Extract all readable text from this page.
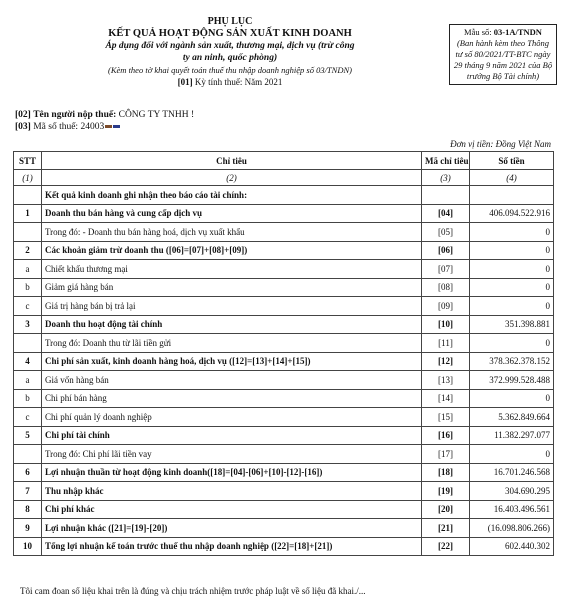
PHỤ LỤC
KẾT QUẢ HOẠT ĐỘNG SẢN XUẤT KINH DOANH
Áp dụng đối với ngành sản xuất, thương mại, dịch vụ (trừ công
ty an ninh, quốc phòng)
(Kèm theo tờ khai quyết toán thuế thu nhập doanh nghiệp số 03/TNDN)
[01] Kỳ tính thuế: Năm 2021
Mẫu số: 03-1A/TNDN
(Ban hành kèm theo Thông tư số 80/2021/TT-BTC ngày 29 tháng 9 năm 2021 của Bộ trưởng Bộ Tài chính)
[02] Tên người nộp thuế: CÔNG TY TNHH !
[03] Mã số thuế: 24003
Đơn vị tiền: Đồng Việt Nam
STT	Chỉ tiêu	Mã chỉ tiêu	Số tiền
(1)	(2)	(3)	(4)
	Kết quả kinh doanh ghi nhận theo báo cáo tài chính:		
1	Doanh thu bán hàng và cung cấp dịch vụ	[04]	406.094.522.916
	Trong đó: - Doanh thu bán hàng hoá, dịch vụ xuất khẩu	[05]	0
2	Các khoản giảm trừ doanh thu ([06]=[07]+[08]+[09])	[06]	0
a	Chiết khấu thương mại	[07]	0
b	Giảm giá hàng bán	[08]	0
c	Giá trị hàng bán bị trả lại	[09]	0
3	Doanh thu hoạt động tài chính	[10]	351.398.881
	Trong đó: Doanh thu từ lãi tiền gửi	[11]	0
4	Chi phí sản xuất, kinh doanh hàng hoá, dịch vụ ([12]=[13]+[14]+[15])	[12]	378.362.378.152
a	Giá vốn hàng bán	[13]	372.999.528.488
b	Chi phí bán hàng	[14]	0
c	Chi phí quản lý doanh nghiệp	[15]	5.362.849.664
5	Chi phí tài chính	[16]	11.382.297.077
	Trong đó: Chi phí lãi tiền vay	[17]	0
6	Lợi nhuận thuần từ hoạt động kinh doanh([18]=[04]-[06]+[10]-[12]-[16])	[18]	16.701.246.568
7	Thu nhập khác	[19]	304.690.295
8	Chi phí khác	[20]	16.403.496.561
9	Lợi nhuận khác ([21]=[19]-[20])	[21]	(16.098.806.266)
10	Tổng lợi nhuận kế toán trước thuế thu nhập doanh nghiệp ([22]=[18]+[21])	[22]	602.440.302
Tôi cam đoan số liệu khai trên là đúng và chịu trách nhiệm trước pháp luật về số liệu đã khai./...
